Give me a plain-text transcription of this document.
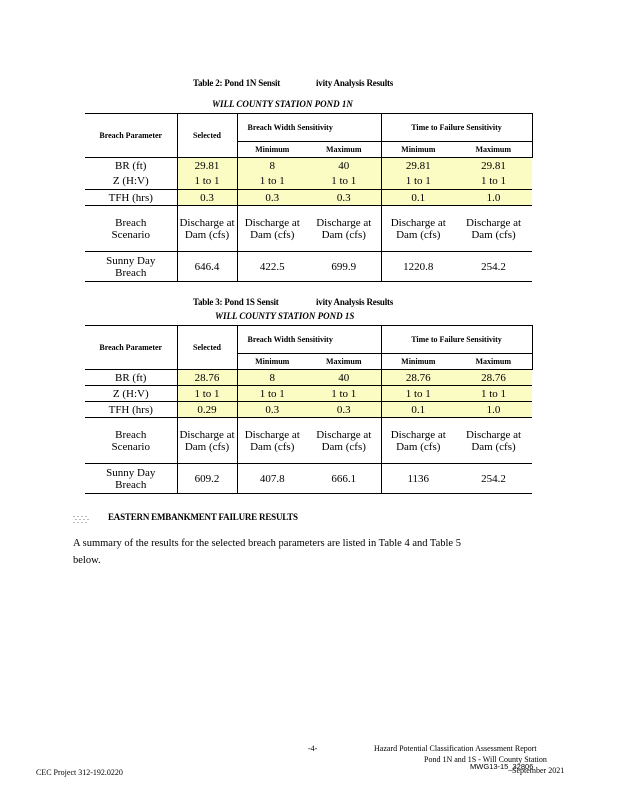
Table 2: Pond 1N Sensit	ivity Analysis Results
WILL COUNTY STATION POND 1N
Breach Parameter	Selected	Breach Width Sensitivity		Time to Failure Sensitivity	
		Minimum	Maximum	Minimum	Maximum
BR (ft)	29.81	8	40	29.81	29.81
Z (H:V)	1 to 1	1 to 1	1 to 1	1 to 1	1 to 1
TFH (hrs)	0.3	0.3	0.3	0.1	1.0
Breach Scenario	Discharge at Dam (cfs)	Discharge at Dam (cfs)	Discharge at Dam (cfs)	Discharge at Dam (cfs)	Discharge at Dam (cfs)
Sunny Day Breach	646.4	422.5	699.9	1220.8	254.2
Table 3: Pond 1S Sensit	ivity Analysis Results
WILL COUNTY STATION POND 1S
Breach Parameter	Selected	Breach Width Sensitivity		Time to Failure Sensitivity	
		Minimum	Maximum	Minimum	Maximum
BR (ft)	28.76	8	40	28.76	28.76
Z (H:V)	1 to 1	1 to 1	1 to 1	1 to 1	1 to 1
TFH (hrs)	0.29	0.3	0.3	0.1	1.0
Breach Scenario	Discharge at Dam (cfs)	Discharge at Dam (cfs)	Discharge at Dam (cfs)	Discharge at Dam (cfs)	Discharge at Dam (cfs)
Sunny Day Breach	609.2	407.8	666.1	1136	254.2
EASTERN EMBANKMENT FAILURE RESULTS
A summary of the results for the selected breach parameters are listed in Table 4 and Table 5 below.
-4-	Hazard Potential Classification Assessment Report
Pond 1N and 1S - Will County Station
MWG13-15_32806
CEC Project 312-192.0220	September 2021
